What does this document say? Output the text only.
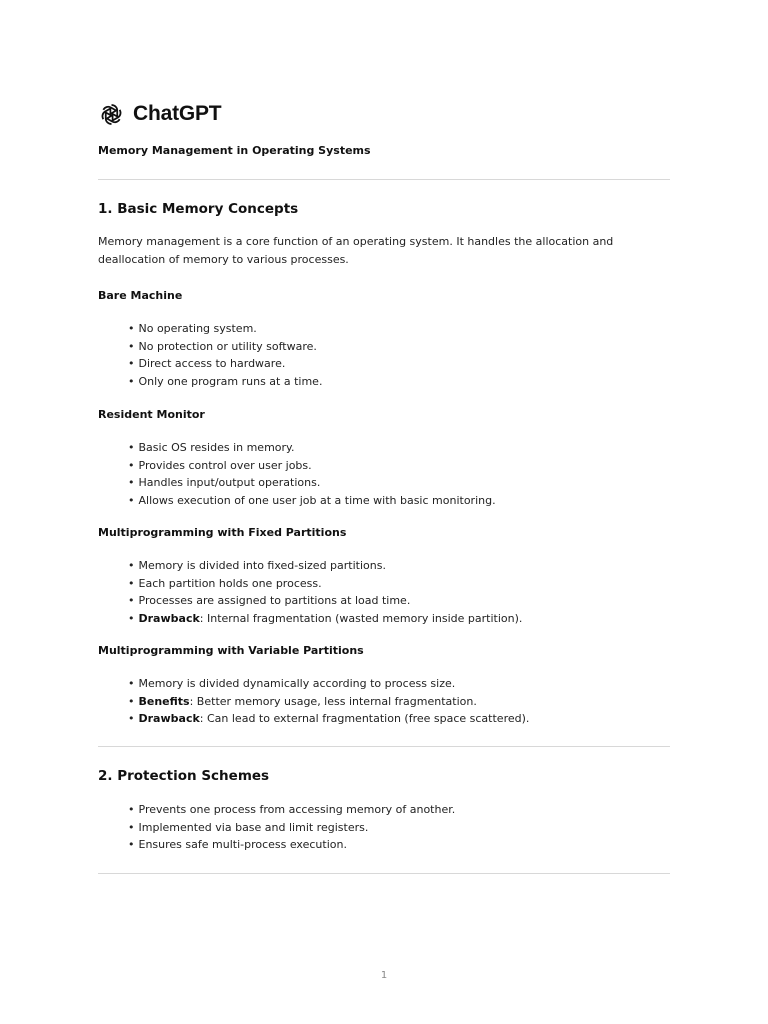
ChatGPT
Memory Management in Operating Systems
1. Basic Memory Concepts
Memory management is a core function of an operating system. It handles the allocation and deallocation of memory to various processes.
Bare Machine
• No operating system.
• No protection or utility software.
• Direct access to hardware.
• Only one program runs at a time.
Resident Monitor
• Basic OS resides in memory.
• Provides control over user jobs.
• Handles input/output operations.
• Allows execution of one user job at a time with basic monitoring.
Multiprogramming with Fixed Partitions
• Memory is divided into fixed-sized partitions.
• Each partition holds one process.
• Processes are assigned to partitions at load time.
• Drawback: Internal fragmentation (wasted memory inside partition).
Multiprogramming with Variable Partitions
• Memory is divided dynamically according to process size.
• Benefits: Better memory usage, less internal fragmentation.
• Drawback: Can lead to external fragmentation (free space scattered).
2. Protection Schemes
• Prevents one process from accessing memory of another.
• Implemented via base and limit registers.
• Ensures safe multi-process execution.
1
